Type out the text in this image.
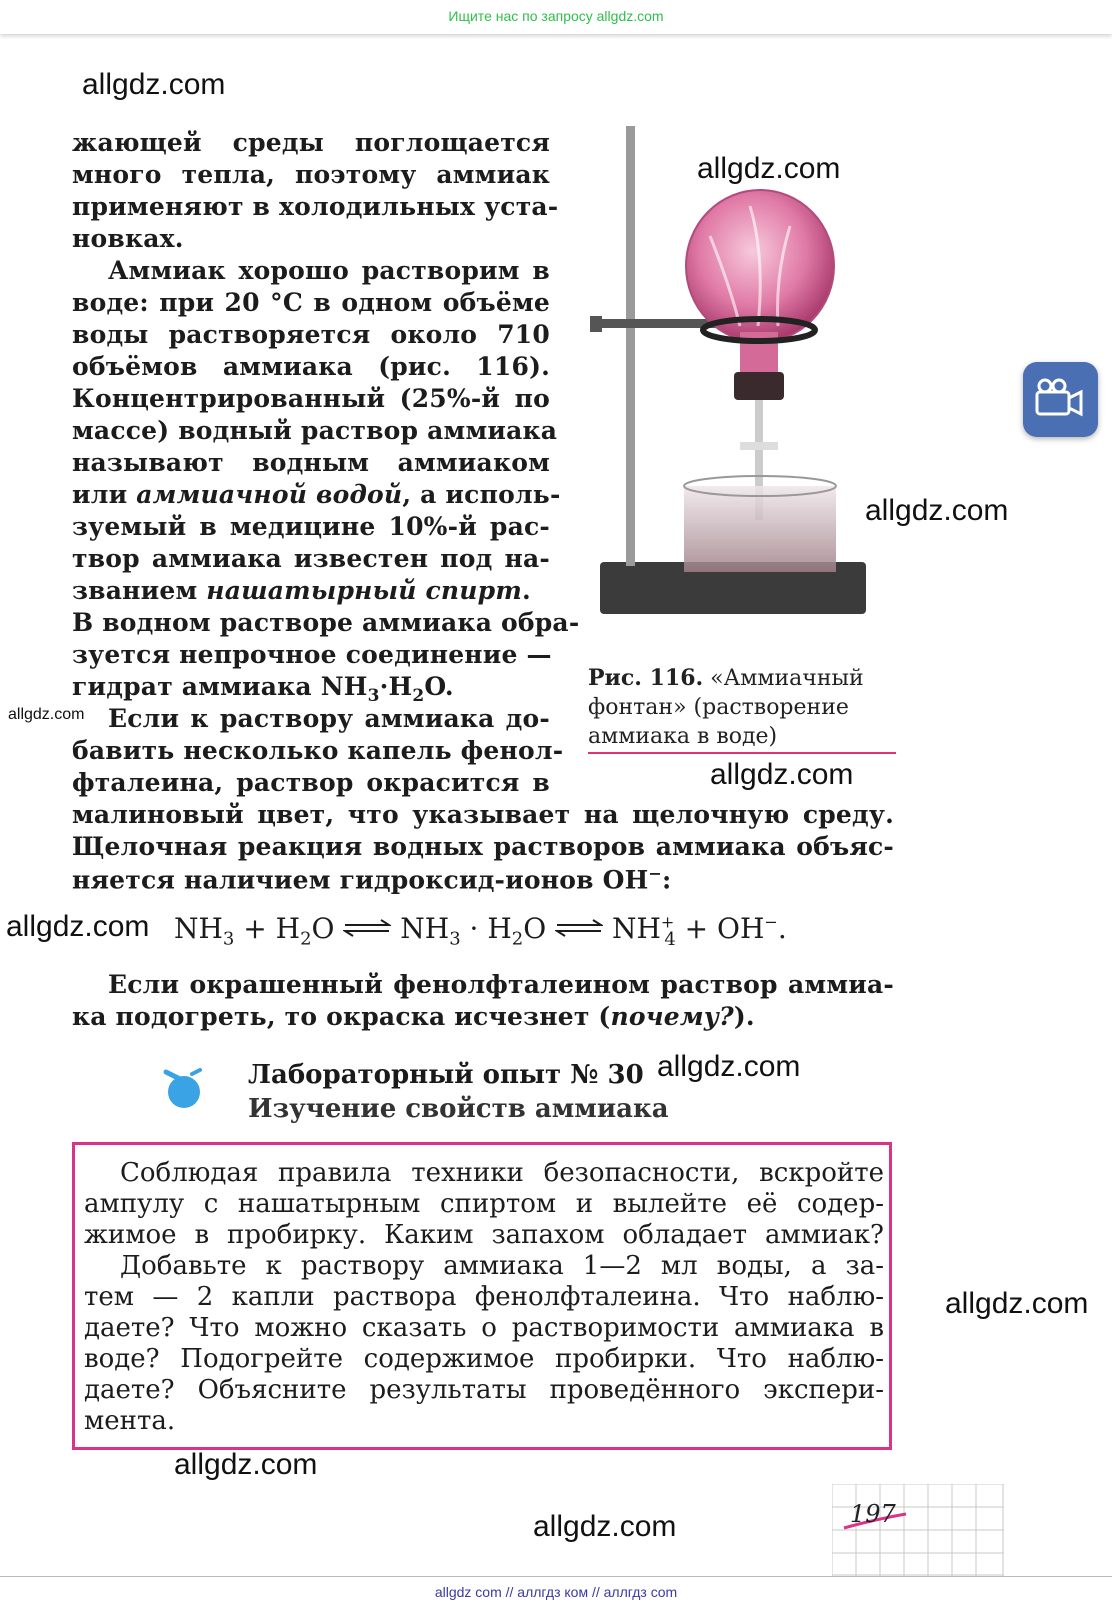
Ищите нас по запросу allgdz.com
allgdz.com
allgdz.com
allgdz.com
allgdz.com
allgdz.com
allgdz.com
allgdz.com
allgdz.com
allgdz.com
allgdz.com
жающей среды поглощается
много тепла, поэтому аммиак
применяют в холодильных уста-
новках.
Аммиак хорошо растворим в
воде: при 20 °C в одном объёме
воды растворяется около 710
объёмов аммиака (рис. 116).
Концентрированный (25%-й по
массе) водный раствор аммиака
называют водным аммиаком
или аммиачной водой, а исполь-
зуемый в медицине 10%-й рас-
твор аммиака известен под на-
званием нашатырный спирт.
В водном растворе аммиака обра-
зуется непрочное соединение —
гидрат аммиака $NH_3\cdot H_2O$.
Если к раствору аммиака до-
бавить несколько капель фенол-
фталеина, раствор окрасится в
малиновый цвет, что указывает на щелочную среду.
Щелочная реакция водных растворов аммиака объяс-
няется наличием гидроксид-ионов OH−:
Рис. 116. «Аммиачный фонтан» (растворение аммиака в воде)
$NH_3 + H_2O$ ⇌ $NH_3 \cdot H_2O$ ⇌ $NH^+_4 + OH^-$.
Если окрашенный фенолфталеином раствор аммиа-
ка подогреть, то окраска исчезнет (почему?).
Лабораторный опыт № 30
Изучение свойств аммиака
Соблюдая правила техники безопасности, вскройте
ампулу с нашатырным спиртом и вылейте её содер-
жимое в пробирку. Каким запахом обладает аммиак?
Добавьте к раствору аммиака 1—2 мл воды, а за-
тем — 2 капли раствора фенолфталеина. Что наблю-
даете? Что можно сказать о растворимости аммиака в
воде? Подогрейте содержимое пробирки. Что наблю-
даете? Объясните результаты проведённого экспери-
мента.
197
allgdz com // аллгдз ком // аллгдз com
